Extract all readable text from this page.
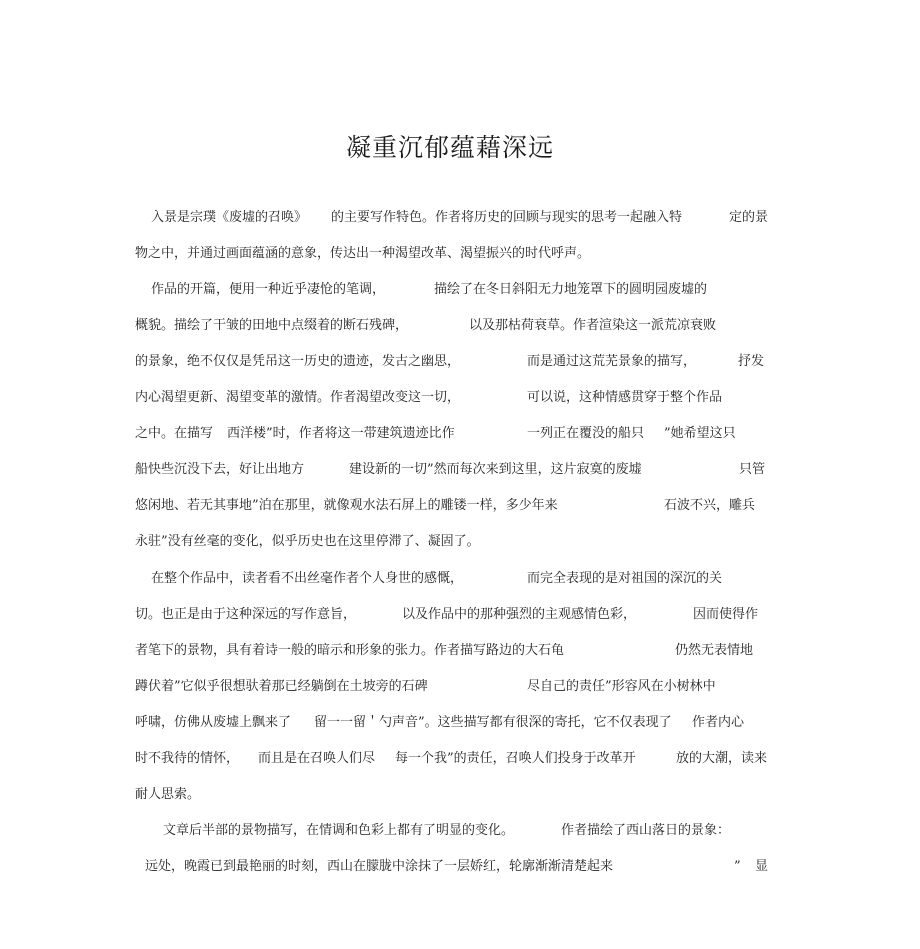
凝重沉郁蕴藉深远
入景是宗璞《废墟的召唤》 的主要写作特色。作者将历史的回顾与现实的思考一起融入特	定的景
物之中，并通过画面蕴涵的意象，传达出一种渴望改革、渴望振兴的时代呼声。
作品的开篇，便用一种近乎凄怆的笔调，	描绘了在冬日斜阳无力地笼罩下的圆明园废墟的
概貌。描绘了干皱的田地中点缀着的断石残碑，	以及那枯荷衰草。作者渲染这一派荒凉衰败
的景象，绝不仅仅是凭吊这一历史的遗迹，发古之幽思，	而是通过这荒芜景象的描写，	抒发
内心渴望更新、渴望变革的激情。作者渴望改变这一切，	可以说，这种情感贯穿于整个作品
之中。在描写 西洋楼”时，作者将这一带建筑遗迹比作	一列正在覆没的船只 ”她希望这只
船快些沉没下去，好让出地方	建设新的一切”然而每次来到这里，这片寂寞的废墟	只管
悠闲地、若无其事地”泊在那里，就像观水法石屏上的雕镂一样，多少年来	石波不兴，雕兵
永驻”没有丝毫的变化，似乎历史也在这里停滞了、凝固了。
在整个作品中，读者看不出丝毫作者个人身世的感慨，	而完全表现的是对祖国的深沉的关
切。也正是由于这种深远的写作意旨，	以及作品中的那种强烈的主观感情色彩，	因而使得作
者笔下的景物，具有着诗一般的暗示和形象的张力。作者描写路边的大石龟	仍然无表情地
蹲伏着”它似乎很想驮着那已经躺倒在土坡旁的石碑	尽自己的责任”形容风在小树林中
呼啸，仿佛从废墟上飘来了 留一一留＇勺声音”。这些描写都有很深的寄托，它不仅表现了 作者内心
时不我待的情怀， 而且是在召唤人们尽 每一个我”的责任，召唤人们投身于改革开	放的大潮，读来
耐人思索。
文章后半部的景物描写，在情调和色彩上都有了明显的变化。	作者描绘了西山落日的景象：
远处，晚霞已到最艳丽的时刻，西山在朦胧中涂抹了一层娇红，轮廓渐渐清楚起来	” 显
